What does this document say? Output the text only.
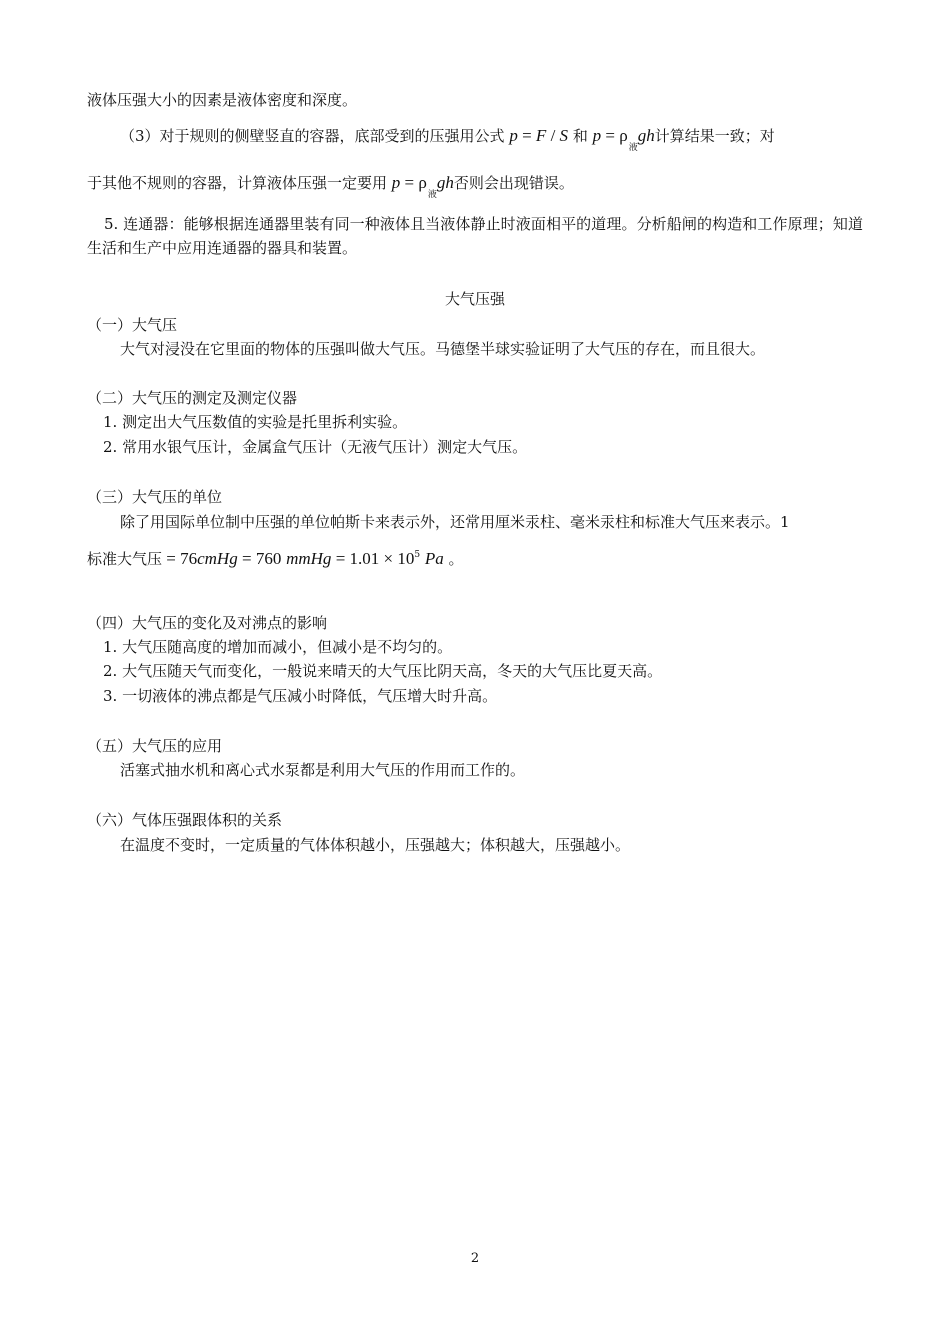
液体压强大小的因素是液体密度和深度。
（3）对于规则的侧壁竖直的容器，底部受到的压强用公式 p = F / S 和 $p = \rho_液gh$计算结果一致；对
于其他不规则的容器，计算液体压强一定要用 $p = \rho_液gh$否则会出现错误。
5. 连通器：能够根据连通器里装有同一种液体且当液体静止时液面相平的道理。分析船闸的构造和工作原理；知道生活和生产中应用连通器的器具和装置。
大气压强
（一）大气压
大气对浸没在它里面的物体的压强叫做大气压。马德堡半球实验证明了大气压的存在，而且很大。
（二）大气压的测定及测定仪器
1. 测定出大气压数值的实验是托里拆利实验。
2. 常用水银气压计，金属盒气压计（无液气压计）测定大气压。
（三）大气压的单位
除了用国际单位制中压强的单位帕斯卡来表示外，还常用厘米汞柱、毫米汞柱和标准大气压来表示。1
标准大气压 = 76cmHg = 760 mmHg = $1.01 \times 10^5$ Pa 。
（四）大气压的变化及对沸点的影响
1. 大气压随高度的增加而减小，但减小是不均匀的。
2. 大气压随天气而变化，一般说来晴天的大气压比阴天高，冬天的大气压比夏天高。
3. 一切液体的沸点都是气压减小时降低，气压增大时升高。
（五）大气压的应用
活塞式抽水机和离心式水泵都是利用大气压的作用而工作的。
（六）气体压强跟体积的关系
在温度不变时，一定质量的气体体积越小，压强越大；体积越大，压强越小。
2
